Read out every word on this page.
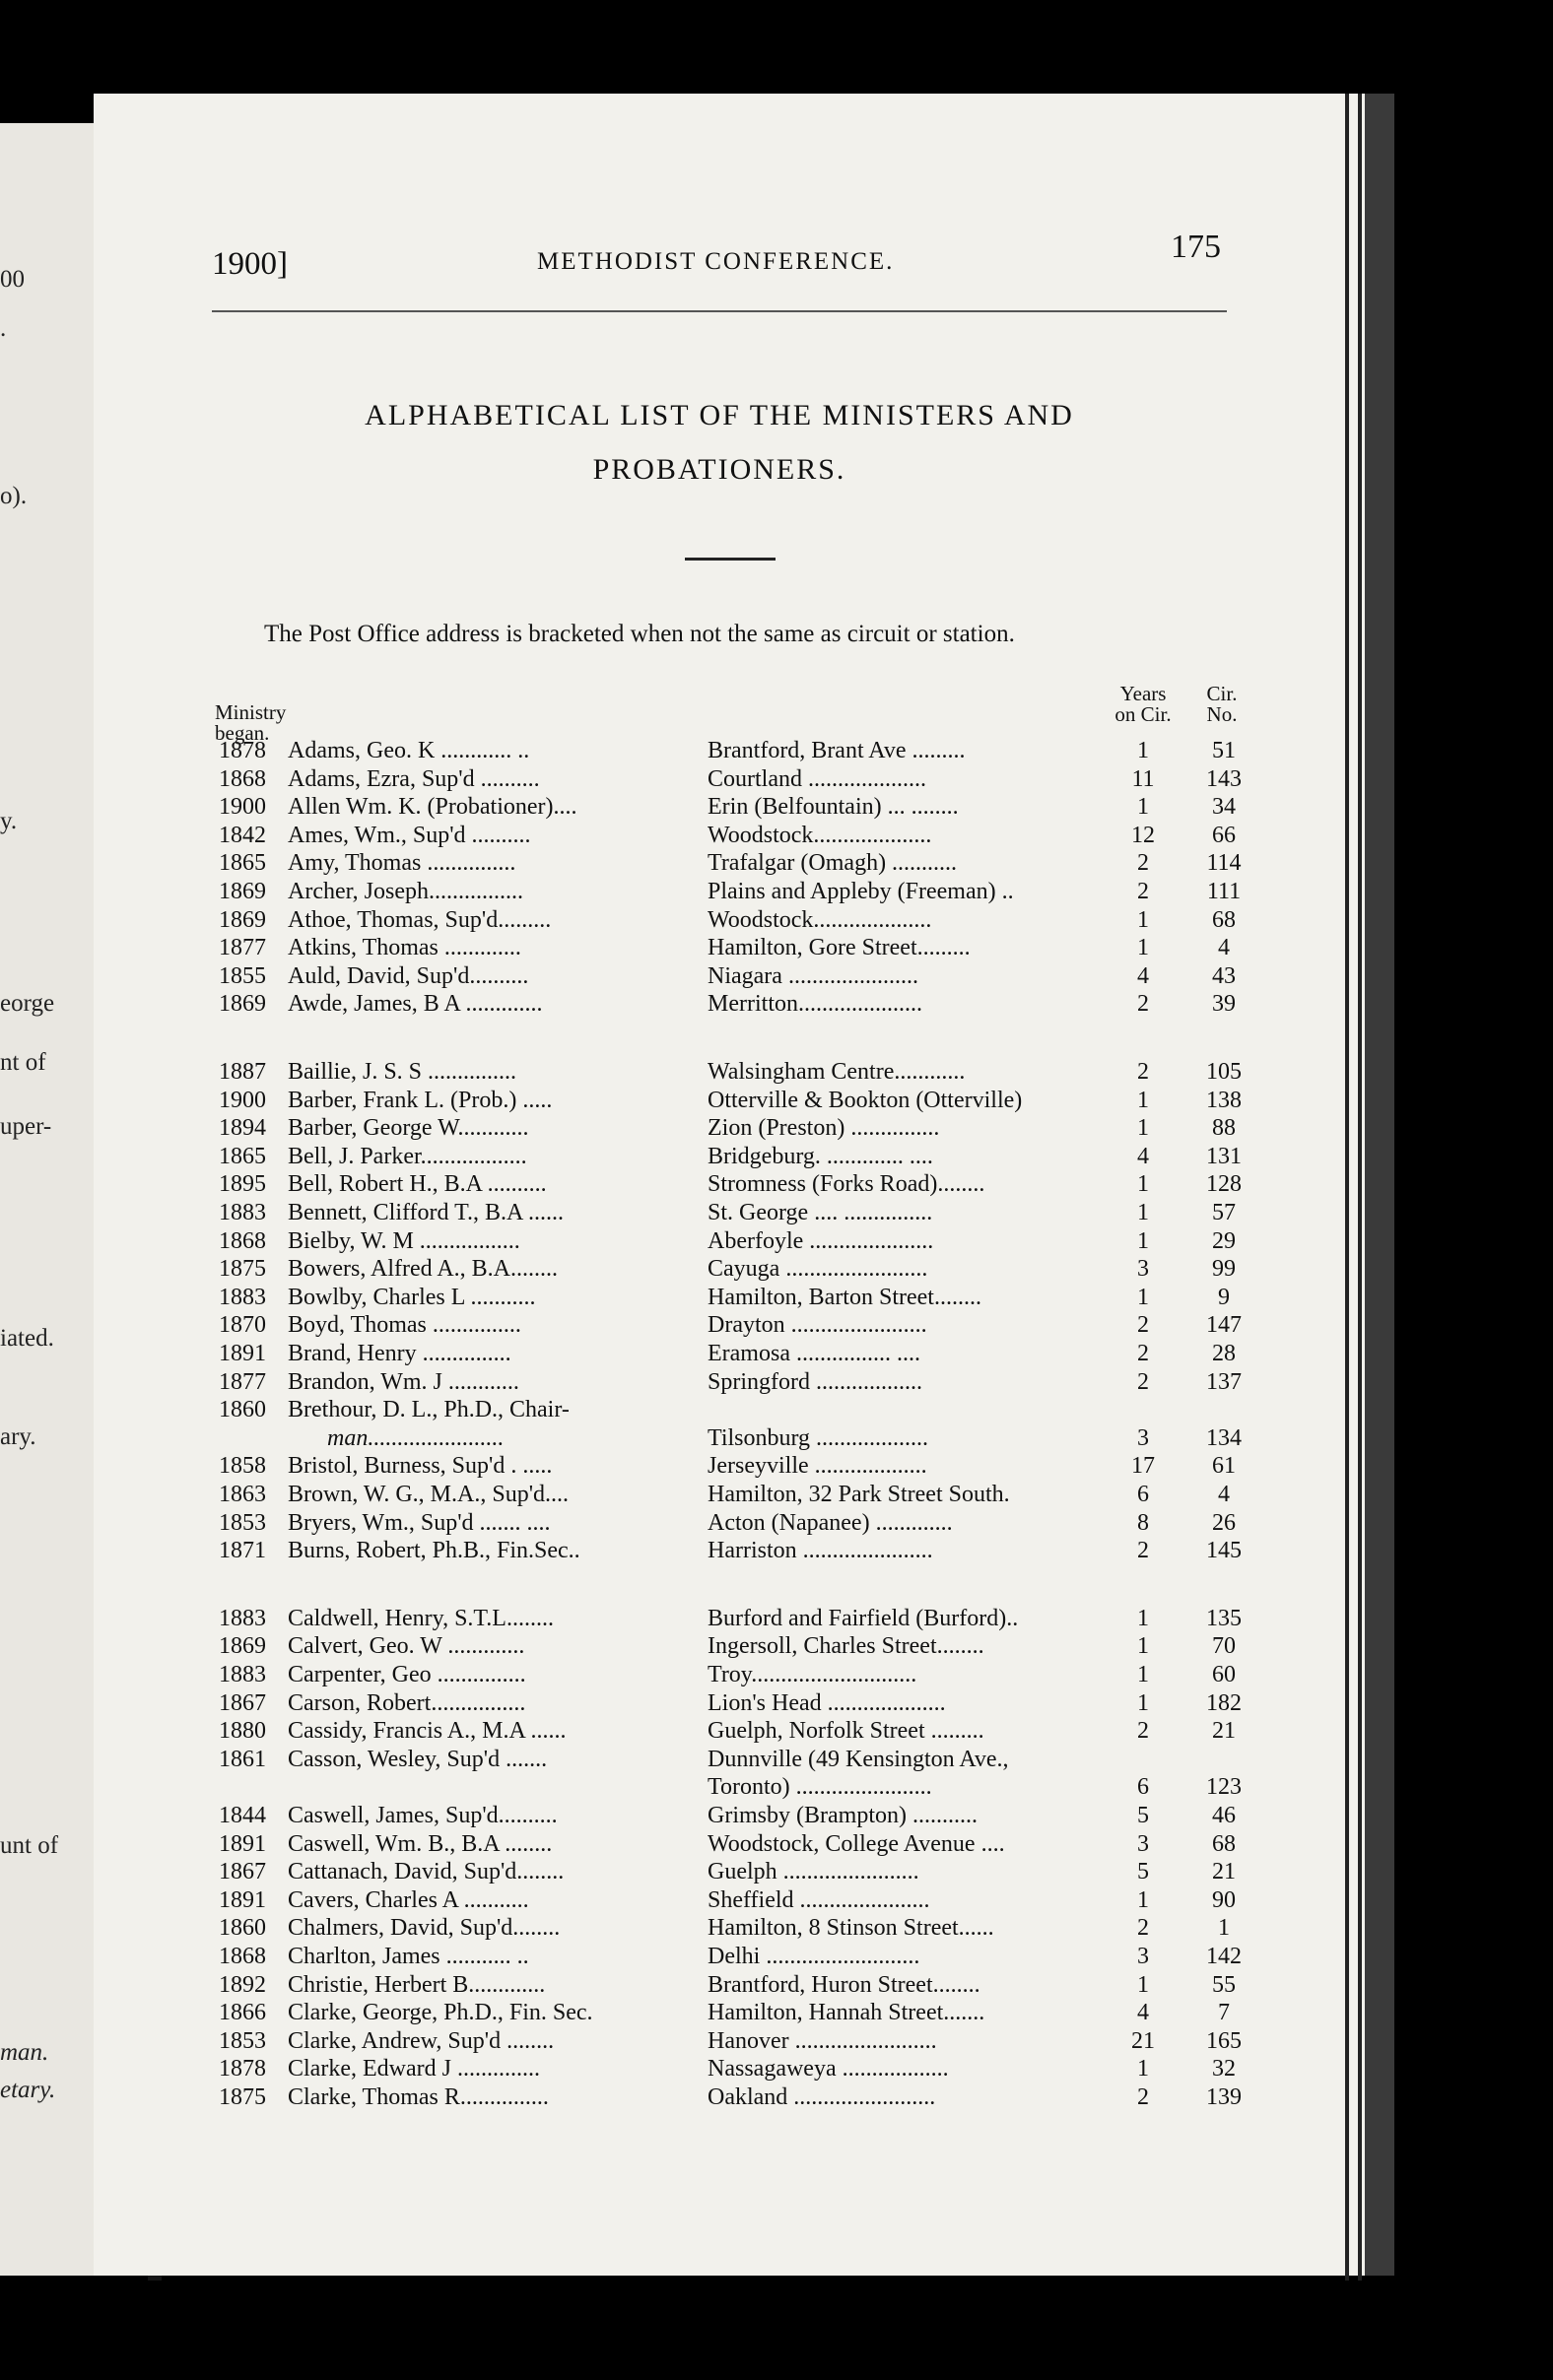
00
.
o).
y.
eorge
nt of
uper-
iated.
ary.
unt of
man.
etary.
1900]	METHODIST CONFERENCE.	175
ALPHABETICAL LIST OF THE MINISTERS AND
PROBATIONERS.
The Post Office address is bracketed when not the same as circuit or station.
Ministry
began.
Years
on Cir.
Cir.
No.
1878 Adams, Geo. K ............ ..	Brantford, Brant Ave .........	1	51
1868 Adams, Ezra, Sup'd ..........	Courtland ....................	11	143
1900 Allen Wm. K. (Probationer)....	Erin (Belfountain) ... ........	1	34
1842 Ames, Wm., Sup'd ..........	Woodstock....................	12	66
1865 Amy, Thomas ...............	Trafalgar (Omagh) ...........	2	114
1869 Archer, Joseph................	Plains and Appleby (Freeman) ..	2	111
1869 Athoe, Thomas, Sup'd.........	Woodstock....................	1	68
1877 Atkins, Thomas .............	Hamilton, Gore Street.........	1	4
1855 Auld, David, Sup'd..........	Niagara ......................	4	43
1869 Awde, James, B A .............	Merritton.....................	2	39
1887 Baillie, J. S. S ...............	Walsingham Centre............	2	105
1900 Barber, Frank L. (Prob.) .....	Otterville & Bookton (Otterville)	1	138
1894 Barber, George W............	Zion (Preston) ...............	1	88
1865 Bell, J. Parker..................	Bridgeburg. ............. ....	4	131
1895 Bell, Robert H., B.A ..........	Stromness (Forks Road)........	1	128
1883 Bennett, Clifford T., B.A ......	St. George .... ...............	1	57
1868 Bielby, W. M .................	Aberfoyle .....................	1	29
1875 Bowers, Alfred A., B.A........	Cayuga ........................	3	99
1883 Bowlby, Charles L ...........	Hamilton, Barton Street........	1	9
1870 Boyd, Thomas ...............	Drayton .......................	2	147
1891 Brand, Henry ...............	Eramosa ................ ....	2	28
1877 Brandon, Wm. J ............	Springford ..................	2	137
1860 Brethour, D. L., Ph.D., Chair-
man.......................	Tilsonburg ...................	3	134
1858 Bristol, Burness, Sup'd . .....	Jerseyville ...................	17	61
1863 Brown, W. G., M.A., Sup'd....	Hamilton, 32 Park Street South.	6	4
1853 Bryers, Wm., Sup'd ....... ....	Acton (Napanee) .............	8	26
1871 Burns, Robert, Ph.B., Fin.Sec..	Harriston ......................	2	145
1883 Caldwell, Henry, S.T.L........	Burford and Fairfield (Burford)..	1	135
1869 Calvert, Geo. W .............	Ingersoll, Charles Street........	1	70
1883 Carpenter, Geo ...............	Troy............................	1	60
1867 Carson, Robert................	Lion's Head ....................	1	182
1880 Cassidy, Francis A., M.A ......	Guelph, Norfolk Street .........	2	21
1861 Casson, Wesley, Sup'd .......	Dunnville (49 Kensington Ave.,
Toronto) .......................	6	123
1844 Caswell, James, Sup'd..........	Grimsby (Brampton) ...........	5	46
1891 Caswell, Wm. B., B.A ........	Woodstock, College Avenue ....	3	68
1867 Cattanach, David, Sup'd........	Guelph .......................	5	21
1891 Cavers, Charles A ...........	Sheffield ......................	1	90
1860 Chalmers, David, Sup'd........	Hamilton, 8 Stinson Street......	2	1
1868 Charlton, James ........... ..	Delhi ..........................	3	142
1892 Christie, Herbert B.............	Brantford, Huron Street........	1	55
1866 Clarke, George, Ph.D., Fin. Sec.	Hamilton, Hannah Street.......	4	7
1853 Clarke, Andrew, Sup'd ........	Hanover ........................	21	165
1878 Clarke, Edward J ..............	Nassagaweya ..................	1	32
1875 Clarke, Thomas R...............	Oakland ........................	2	139
